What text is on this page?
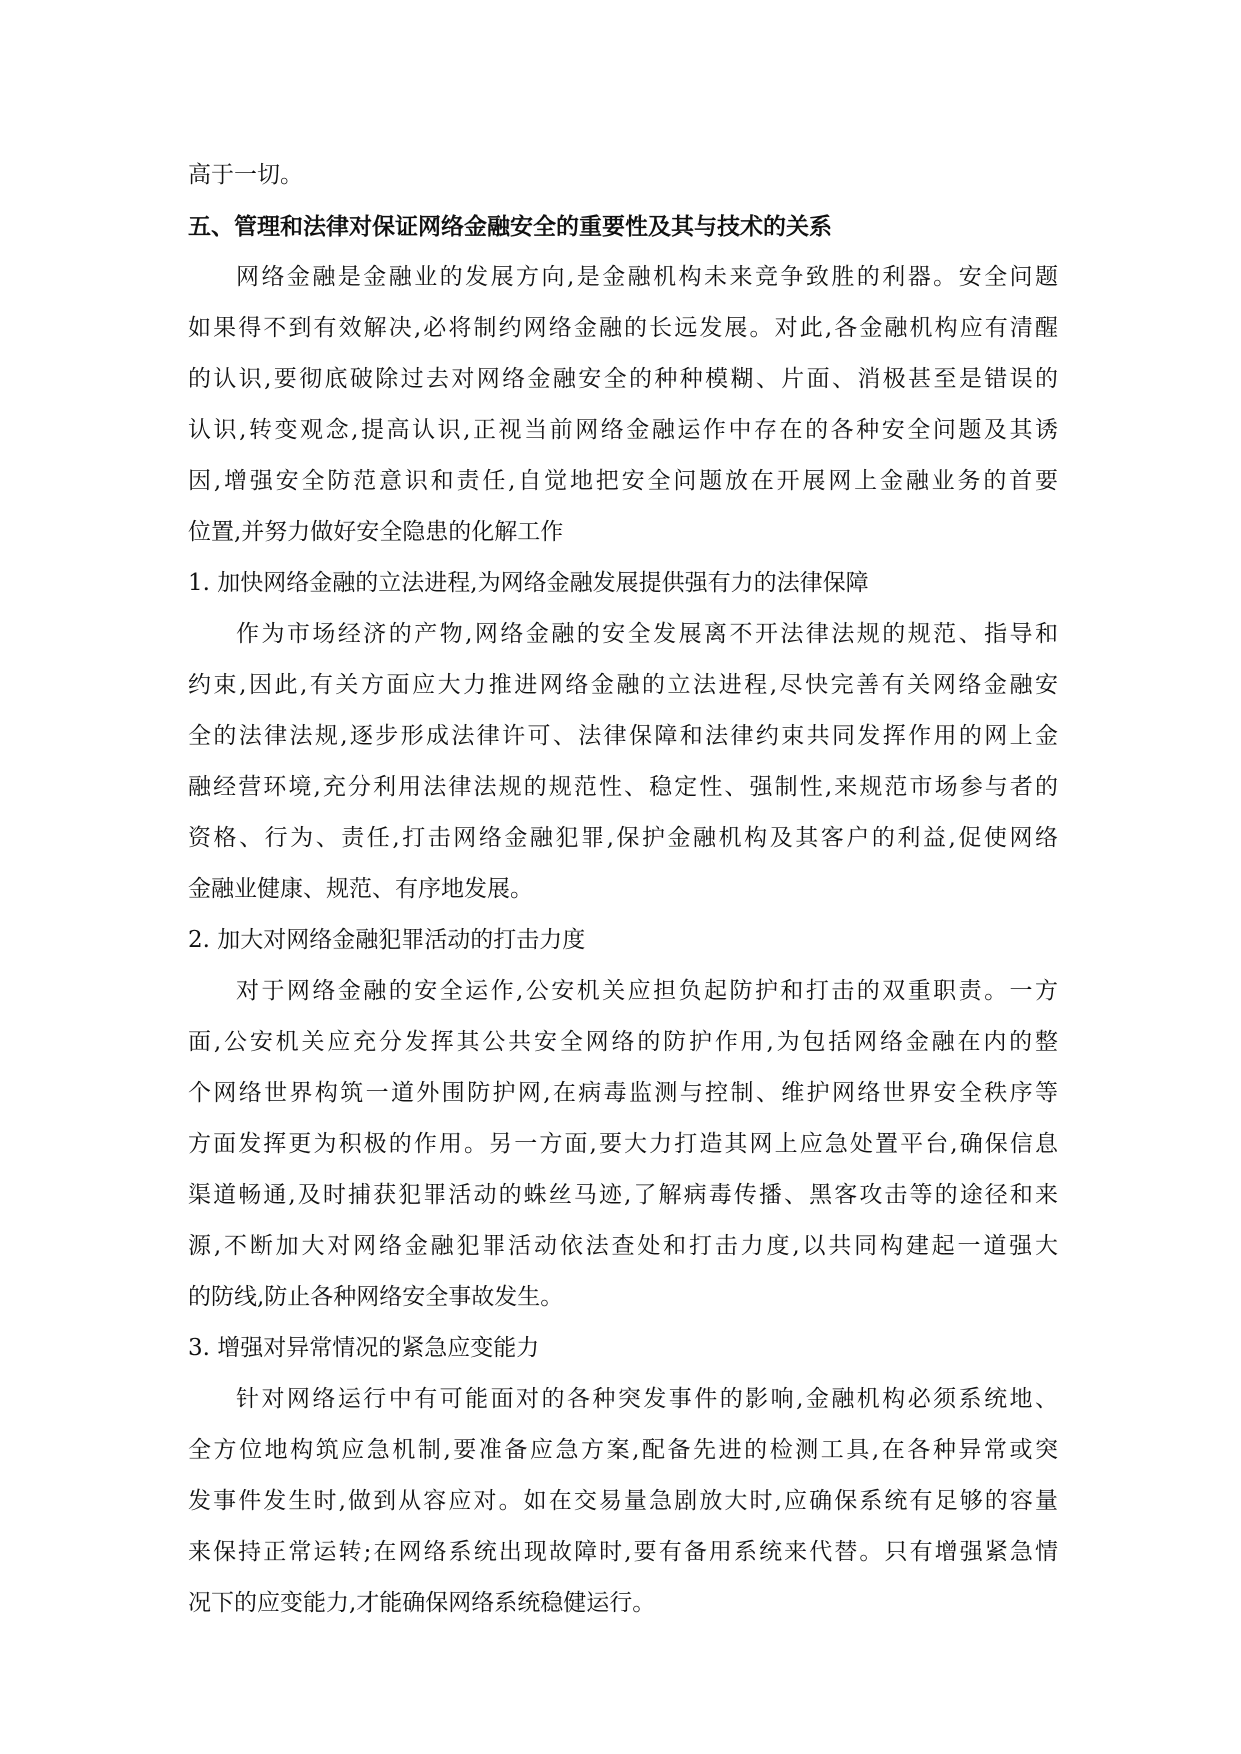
高于一切。

五、管理和法律对保证网络金融安全的重要性及其与技术的关系

网络金融是金融业的发展方向,是金融机构未来竞争致胜的利器。安全问题

如果得不到有效解决,必将制约网络金融的长远发展。对此,各金融机构应有清醒

的认识,要彻底破除过去对网络金融安全的种种模糊、片面、消极甚至是错误的

认识,转变观念,提高认识,正视当前网络金融运作中存在的各种安全问题及其诱

因,增强安全防范意识和责任,自觉地把安全问题放在开展网上金融业务的首要

位置,并努力做好安全隐患的化解工作

1. 加快网络金融的立法进程,为网络金融发展提供强有力的法律保障

作为市场经济的产物,网络金融的安全发展离不开法律法规的规范、指导和

约束,因此,有关方面应大力推进网络金融的立法进程,尽快完善有关网络金融安

全的法律法规,逐步形成法律许可、法律保障和法律约束共同发挥作用的网上金

融经营环境,充分利用法律法规的规范性、稳定性、强制性,来规范市场参与者的

资格、行为、责任,打击网络金融犯罪,保护金融机构及其客户的利益,促使网络

金融业健康、规范、有序地发展。

2. 加大对网络金融犯罪活动的打击力度

对于网络金融的安全运作,公安机关应担负起防护和打击的双重职责。一方

面,公安机关应充分发挥其公共安全网络的防护作用,为包括网络金融在内的整

个网络世界构筑一道外围防护网,在病毒监测与控制、维护网络世界安全秩序等

方面发挥更为积极的作用。另一方面,要大力打造其网上应急处置平台,确保信息

渠道畅通,及时捕获犯罪活动的蛛丝马迹,了解病毒传播、黑客攻击等的途径和来

源,不断加大对网络金融犯罪活动依法查处和打击力度,以共同构建起一道强大

的防线,防止各种网络安全事故发生。

3. 增强对异常情况的紧急应变能力

针对网络运行中有可能面对的各种突发事件的影响,金融机构必须系统地、

全方位地构筑应急机制,要准备应急方案,配备先进的检测工具,在各种异常或突

发事件发生时,做到从容应对。如在交易量急剧放大时,应确保系统有足够的容量

来保持正常运转;在网络系统出现故障时,要有备用系统来代替。只有增强紧急情

况下的应变能力,才能确保网络系统稳健运行。
